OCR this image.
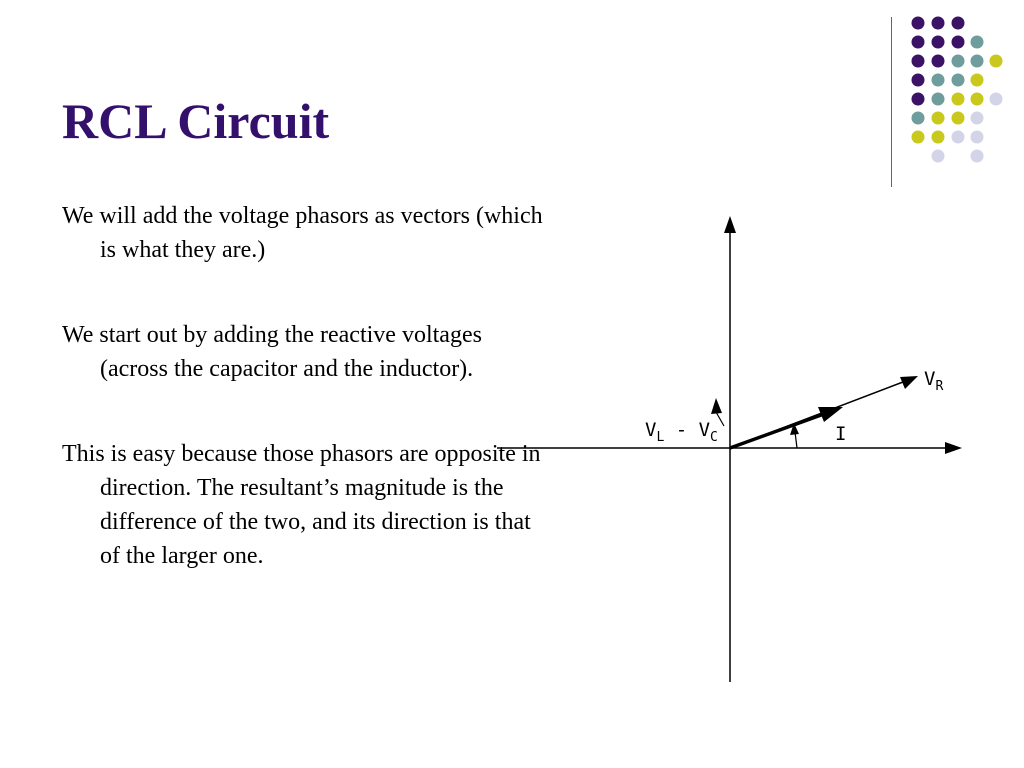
RCL Circuit

We will add the voltage phasors as vectors (which is what they are.)

We start out by adding the reactive voltages (across the capacitor and the inductor).

This is easy because those phasors are opposite in direction. The resultant’s magnitude is the difference of the two, and its direction is that of the larger one.

$V_R$
$V_L - V_C$	I
